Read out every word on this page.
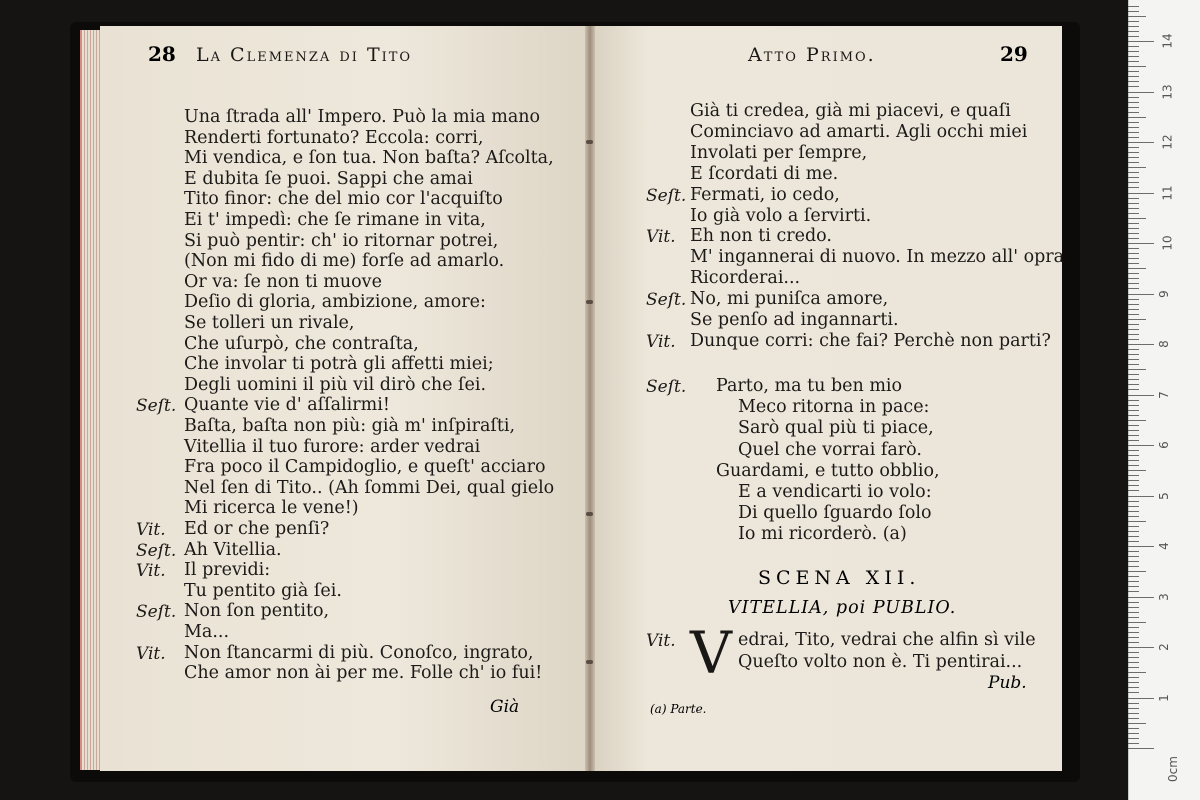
28 La Clemenza di Tito
Una ſtrada all' Impero. Può la mia mano
Renderti fortunato? Eccola: corri,
Mi vendica, e ſon tua. Non baſta? Aſcolta,
E dubita ſe puoi. Sappi che amai
Tito finor: che del mio cor l'acquiſto
Ei t' impedì: che ſe rimane in vita,
Si può pentir: ch' io ritornar potrei,
(Non mi fido di me) forſe ad amarlo.
Or va: ſe non ti muove
Deſio di gloria, ambizione, amore:
Se tolleri un rivale,
Che uſurpò, che contraſta,
Che involar ti potrà gli affetti miei;
Degli uomini il più vil dirò che ſei.
Quante vie d' aſſalirmi!
Baſta, baſta non più: già m' inſpiraſti,
Vitellia il tuo furore: arder vedrai
Fra poco il Campidoglio, e queſt' acciaro
Nel ſen di Tito.. (Ah ſommi Dei, qual gielo
Mi ricerca le vene!)
Ed or che penſi?
Ah Vitellia.
Il previdi:
Tu pentito già ſei.
Non ſon pentito,
Ma...
Non ſtancarmi di più. Conoſco, ingrato,
Che amor non ài per me. Folle ch' io fui!
Seſt.
Vit.
Seſt.
Vit.
Seſt.
Vit.
Già
Atto Primo.	29
Già ti credea, già mi piacevi, e quaſi
Cominciavo ad amarti. Agli occhi miei
Involati per ſempre,
E ſcordati di me.
Fermati, io cedo,
Io già volo a ſervirti.
Eh non ti credo.
M' ingannerai di nuovo. In mezzo all' opra
Ricorderai...
No, mi puniſca amore,
Se penſo ad ingannarti.
Dunque corri: che fai? Perchè non parti?
Seſt.
Vit.
Seſt.
Vit.
Seſt. Parto, ma tu ben mio
Meco ritorna in pace:
Sarò qual più ti piace,
Quel che vorrai farò.
Guardami, e tutto obblio,
E a vendicarti io volo:
Di quello ſguardo ſolo
Io mi ricorderò. (a)
SCENA XII.
VITELLIA, poi PUBLIO.
Vit. V edrai, Tito, vedrai che alfin sì vile
Queſto volto non è. Ti pentirai...
Pub.
(a) Parte.
1
2
3
4
5
6
7
8
9
10
11
12
13
14
0cm
